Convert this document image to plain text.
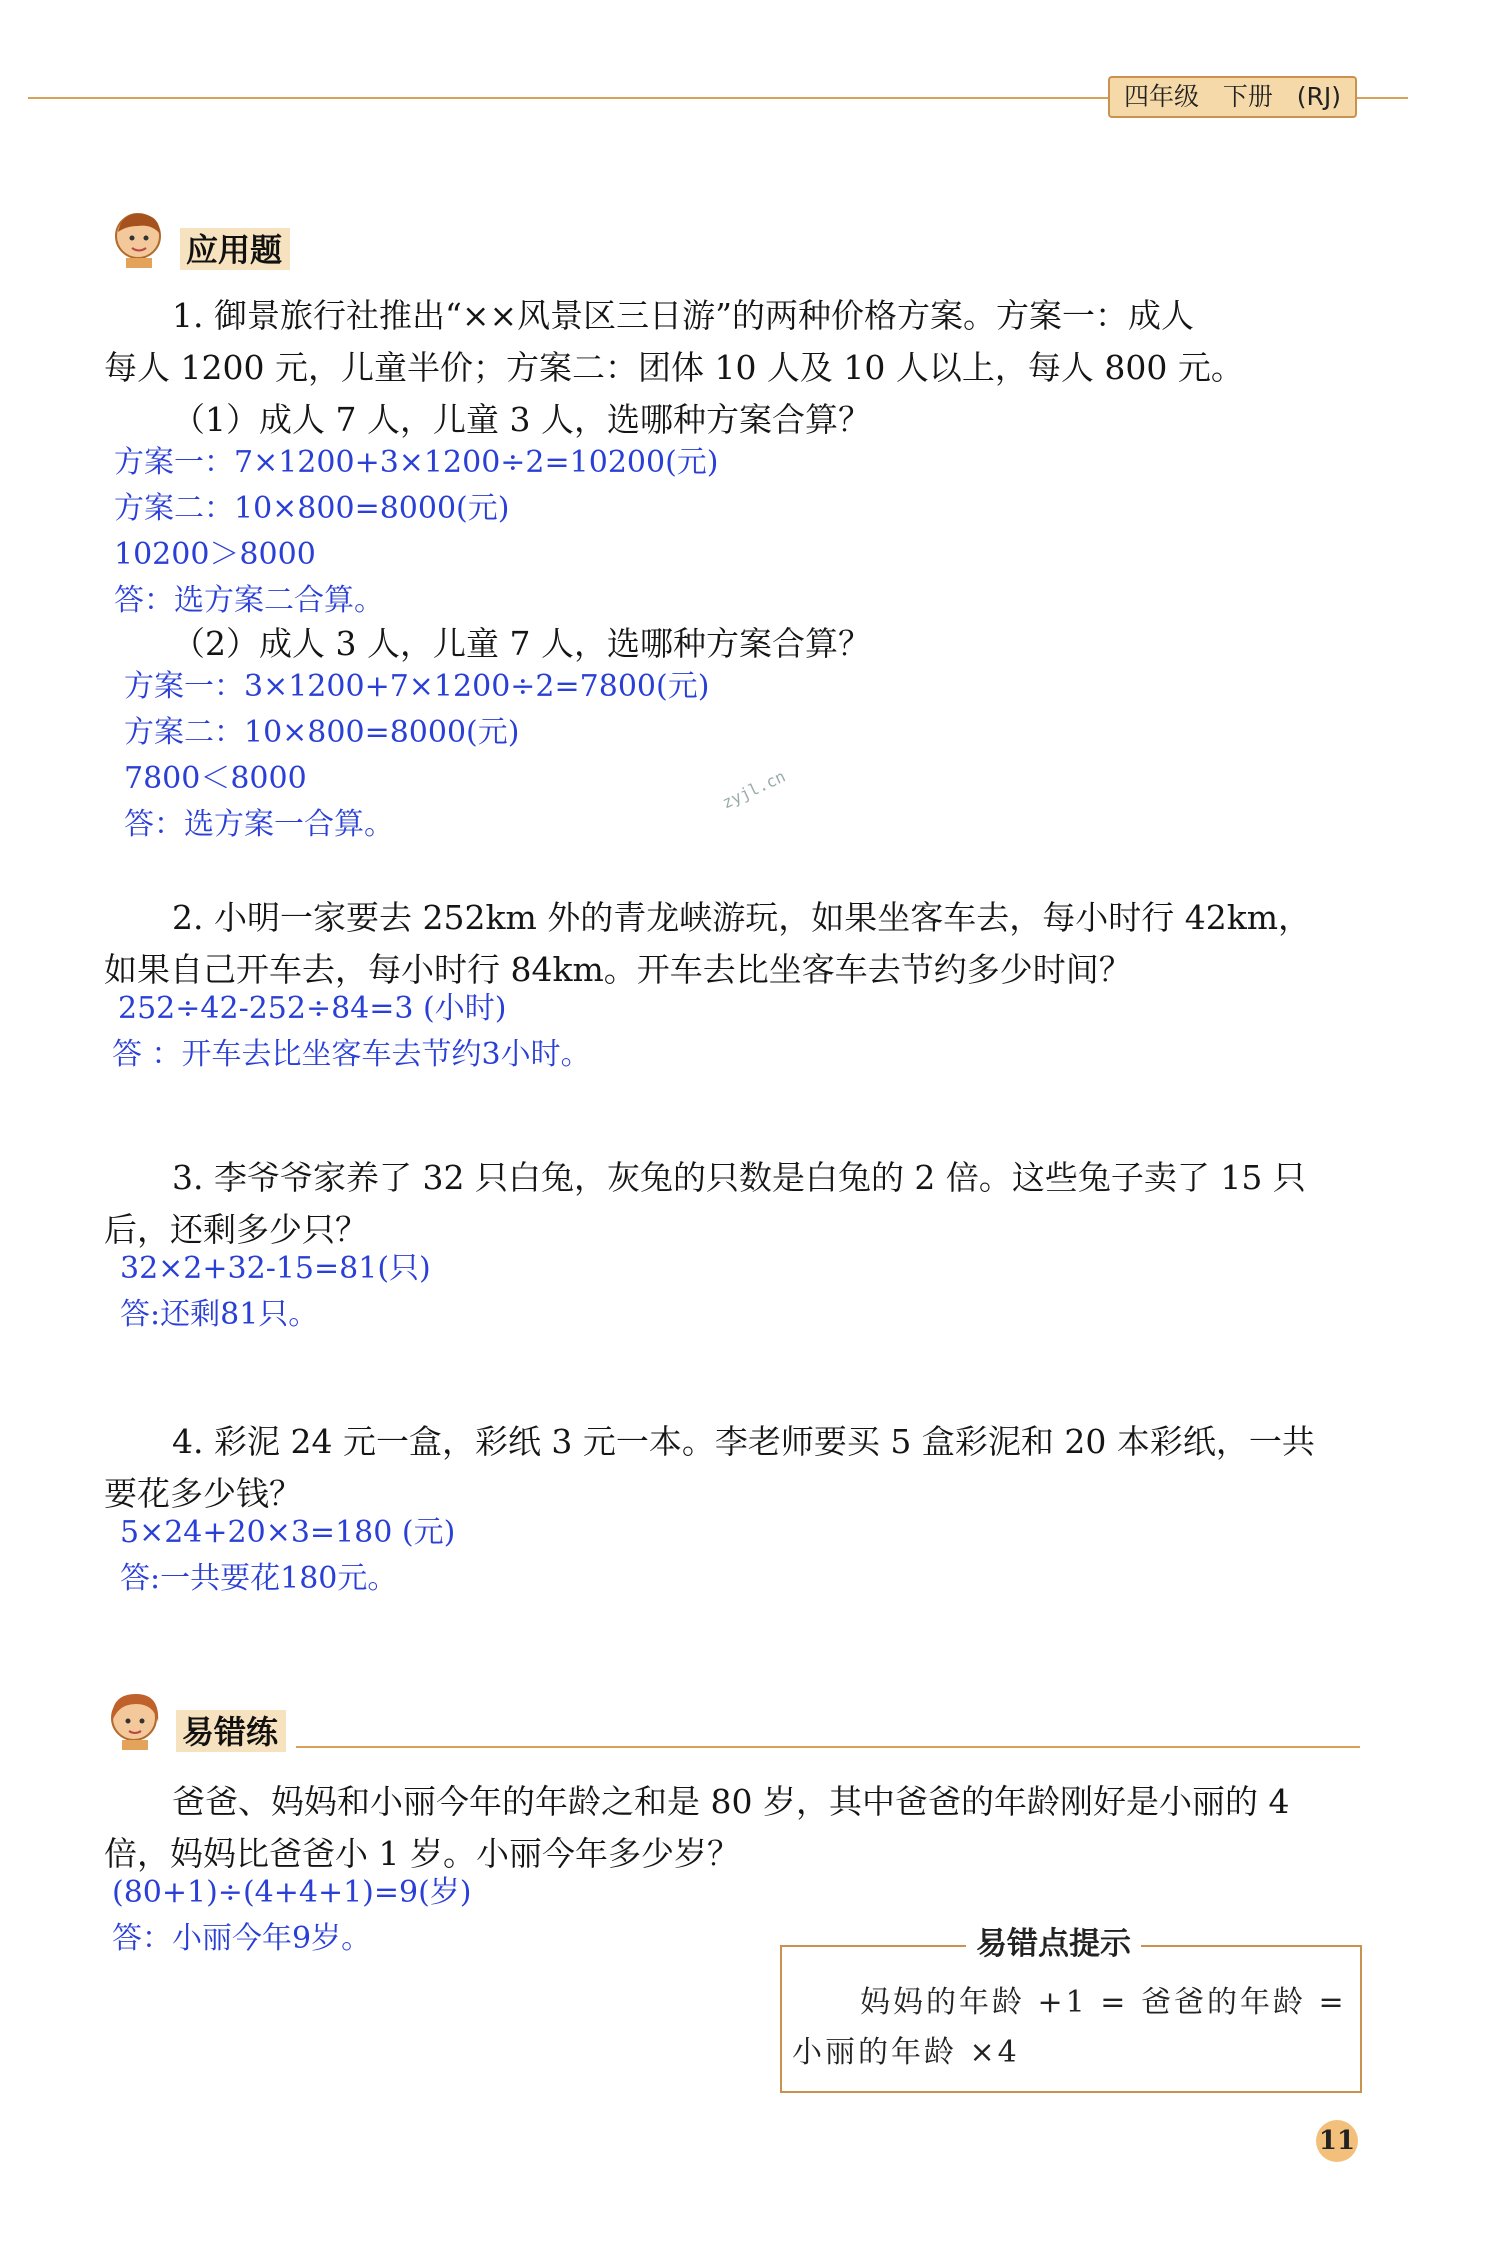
四年级 下册 (RJ)
应用题
1. 御景旅行社推出“××风景区三日游”的两种价格方案。方案一：成人
每人 1200 元，儿童半价；方案二：团体 10 人及 10 人以上，每人 800 元。
（1）成人 7 人，儿童 3 人，选哪种方案合算？
方案一：7×1200+3×1200÷2=10200(元)
方案二：10×800=8000(元)
10200＞8000
答：选方案二合算。
（2）成人 3 人，儿童 7 人，选哪种方案合算？
方案一：3×1200+7×1200÷2=7800(元)
方案二：10×800=8000(元)
7800＜8000
答：选方案一合算。
zyjl.cn
2. 小明一家要去 252km 外的青龙峡游玩，如果坐客车去，每小时行 42km，
如果自己开车去，每小时行 84km。开车去比坐客车去节约多少时间？
252÷42-252÷84=3 (小时)
答 ：开车去比坐客车去节约3小时。
3. 李爷爷家养了 32 只白兔，灰兔的只数是白兔的 2 倍。这些兔子卖了 15 只
后，还剩多少只？
32×2+32-15=81(只)
答:还剩81只。
4. 彩泥 24 元一盒，彩纸 3 元一本。李老师要买 5 盒彩泥和 20 本彩纸，一共
要花多少钱？
5×24+20×3=180 (元)
答:一共要花180元。
易错练
爸爸、妈妈和小丽今年的年龄之和是 80 岁，其中爸爸的年龄刚好是小丽的 4
倍，妈妈比爸爸小 1 岁。小丽今年多少岁？
(80+1)÷(4+4+1)=9(岁)
答：小丽今年9岁。	易错点提示
妈妈的年龄 +1 = 爸爸的年龄 =
小丽的年龄 ×4
11
